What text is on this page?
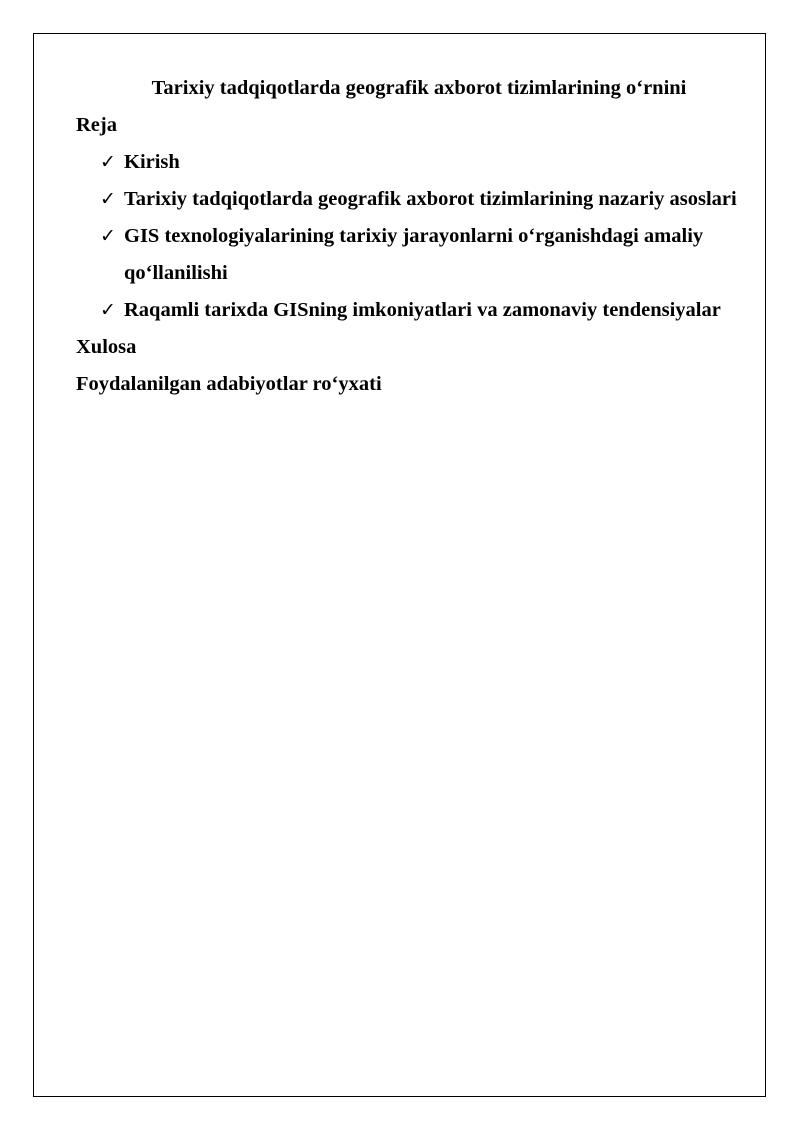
Tarixiy tadqiqotlarda geografik axborot tizimlarining o‘rnini

Reja

✓ Kirish
✓ Tarixiy tadqiqotlarda geografik axborot tizimlarining nazariy asoslari
✓ GIS texnologiyalarining tarixiy jarayonlarni o‘rganishdagi amaliy qo‘llanilishi
✓ Raqamli tarixda GISning imkoniyatlari va zamonaviy tendensiyalar

Xulosa

Foydalanilgan adabiyotlar ro‘yxati
